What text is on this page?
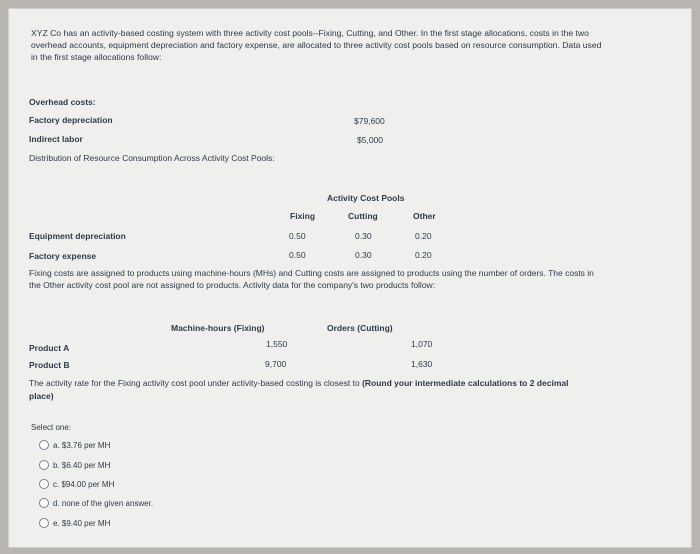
XYZ Co has an activity-based costing system with three activity cost pools--Fixing, Cutting, and Other. In the first stage allocations, costs in the two
overhead accounts, equipment depreciation and factory expense, are allocated to three activity cost pools based on resource consumption. Data used
in the first stage allocations follow:
Overhead costs:
Factory depreciation	$79,600
Indirect labor	$5,000
Distribution of Resource Consumption Across Activity Cost Pools:
Activity Cost Pools
Fixing	Cutting	Other
Equipment depreciation	0.50	0.30	0.20
Factory expense	0.50	0.30	0.20
Fixing costs are assigned to products using machine-hours (MHs) and Cutting costs are assigned to products using the number of orders. The costs in
the Other activity cost pool are not assigned to products. Activity data for the company's two products follow:
Machine-hours (Fixing)	Orders (Cutting)
Product A	1,550	1,070
Product B	9,700	1,630
The activity rate for the Fixing activity cost pool under activity-based costing is closest to (Round your intermediate calculations to 2 decimal
place)
Select one:
a. $3.76 per MH
b. $6.40 per MH
c. $94.00 per MH
d. none of the given answer.
e. $9.40 per MH
